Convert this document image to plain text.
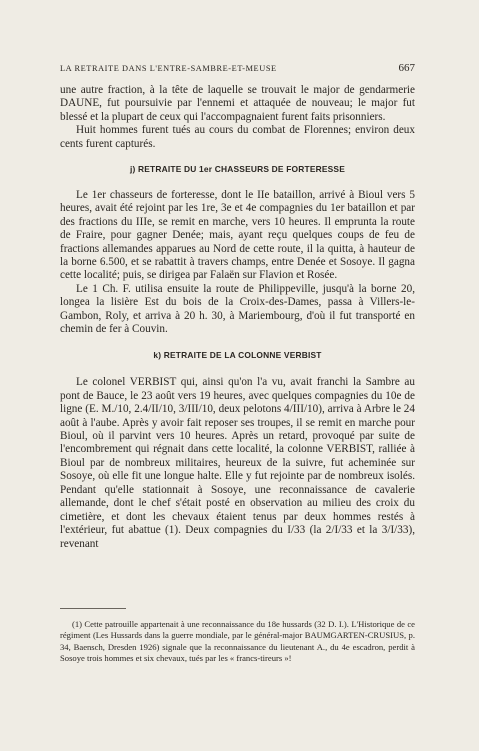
LA RETRAITE DANS L'ENTRE-SAMBRE-ET-MEUSE	667

une autre fraction, à la tête de laquelle se trouvait le major de gendarmerie DAUNE, fut poursuivie par l'ennemi et attaquée de nouveau; le major fut blessé et la plupart de ceux qui l'accompagnaient furent faits prisonniers.

Huit hommes furent tués au cours du combat de Florennes; environ deux cents furent capturés.

j) RETRAITE DU 1er CHASSEURS DE FORTERESSE

Le 1er chasseurs de forteresse, dont le IIe bataillon, arrivé à Bioul vers 5 heures, avait été rejoint par les 1re, 3e et 4e compagnies du 1er bataillon et par des fractions du IIIe, se remit en marche, vers 10 heures. Il emprunta la route de Fraire, pour gagner Denée; mais, ayant reçu quelques coups de feu de fractions allemandes apparues au Nord de cette route, il la quitta, à hauteur de la borne 6.500, et se rabattit à travers champs, entre Denée et Sosoye. Il gagna cette localité; puis, se dirigea par Falaën sur Flavion et Rosée.

Le 1 Ch. F. utilisa ensuite la route de Philippeville, jusqu'à la borne 20, longea la lisière Est du bois de la Croix-des-Dames, passa à Villers-le-Gambon, Roly, et arriva à 20 h. 30, à Mariembourg, d'où il fut transporté en chemin de fer à Couvin.

k) RETRAITE DE LA COLONNE VERBIST

Le colonel VERBIST qui, ainsi qu'on l'a vu, avait franchi la Sambre au pont de Bauce, le 23 août vers 19 heures, avec quelques compagnies du 10e de ligne (E. M./10, 2.4/II/10, 3/III/10, deux pelotons 4/III/10), arriva à Arbre le 24 août à l'aube. Après y avoir fait reposer ses troupes, il se remit en marche pour Bioul, où il parvint vers 10 heures. Après un retard, provoqué par suite de l'encombrement qui régnait dans cette localité, la colonne VERBIST, ralliée à Bioul par de nombreux militaires, heureux de la suivre, fut acheminée sur Sosoye, où elle fit une longue halte. Elle y fut rejointe par de nombreux isolés. Pendant qu'elle stationnait à Sosoye, une reconnaissance de cavalerie allemande, dont le chef s'était posté en observation au milieu des croix du cimetière, et dont les chevaux étaient tenus par deux hommes restés à l'extérieur, fut abattue (1). Deux compagnies du I/33 (la 2/I/33 et la 3/I/33), revenant

(1) Cette patrouille appartenait à une reconnaissance du 18e hussards (32 D. I.). L'Historique de ce régiment (Les Hussards dans la guerre mondiale, par le général-major BAUMGARTEN-CRUSIUS, p. 34, Baensch, Dresden 1926) signale que la reconnaissance du lieutenant A., du 4e escadron, perdit à Sosoye trois hommes et six chevaux, tués par les « francs-tireurs »!
